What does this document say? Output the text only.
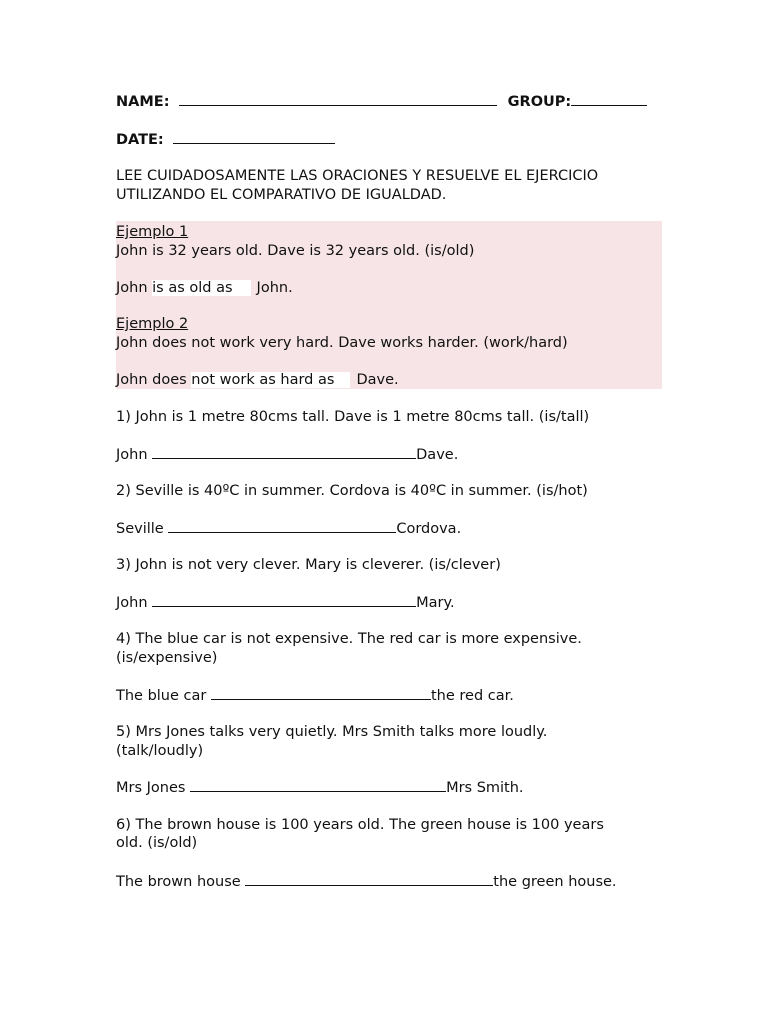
NAME:	GROUP:
DATE:
LEE CUIDADOSAMENTE LAS ORACIONES Y RESUELVE EL EJERCICIO
UTILIZANDO EL COMPARATIVO DE IGUALDAD.
Ejemplo 1
John is 32 years old. Dave is 32 years old. (is/old)
John is as old as John.
Ejemplo 2
John does not work very hard. Dave works harder. (work/hard)
John does not work as hard as Dave.
1) John is 1 metre 80cms tall. Dave is 1 metre 80cms tall. (is/tall)
John	Dave.
2) Seville is 40ºC in summer. Cordova is 40ºC in summer. (is/hot)
Seville	Cordova.
3) John is not very clever. Mary is cleverer. (is/clever)
John	Mary.
4) The blue car is not expensive. The red car is more expensive.
(is/expensive)
The blue car	the red car.
5) Mrs Jones talks very quietly. Mrs Smith talks more loudly.
(talk/loudly)
Mrs Jones	Mrs Smith.
6) The brown house is 100 years old. The green house is 100 years
old. (is/old)
The brown house	the green house.
